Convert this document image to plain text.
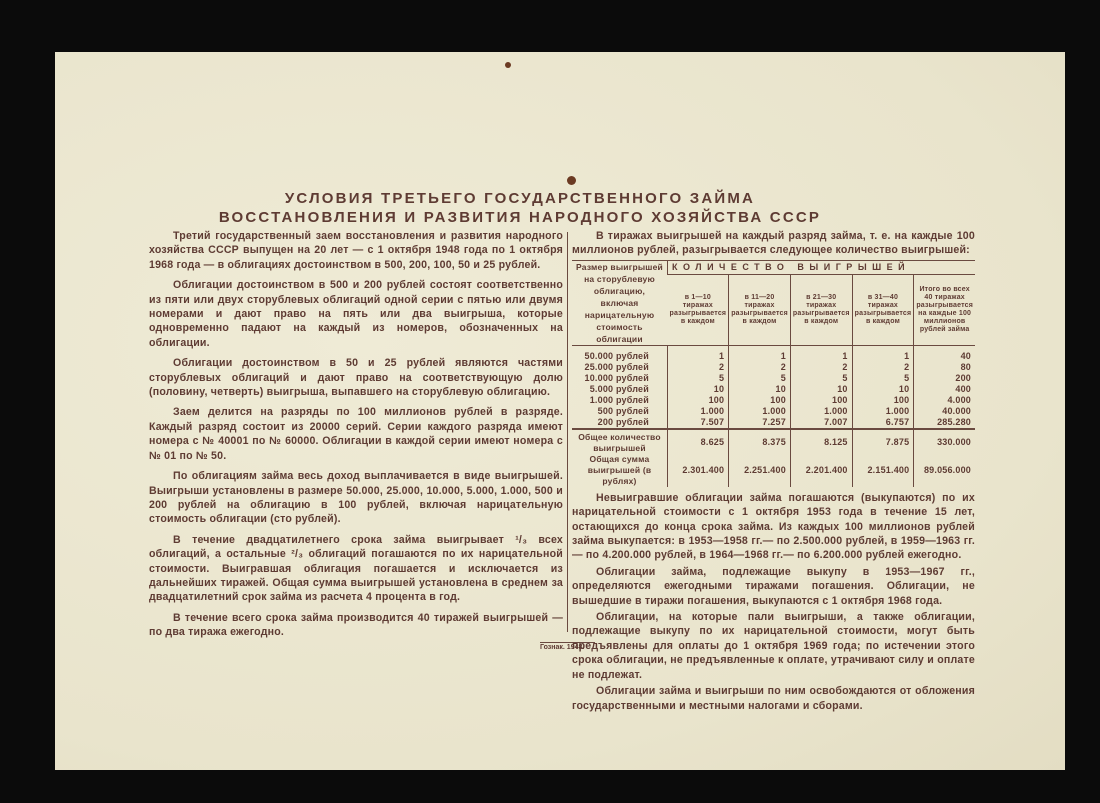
УСЛОВИЯ ТРЕТЬЕГО ГОСУДАРСТВЕННОГО ЗАЙМА
ВОССТАНОВЛЕНИЯ И РАЗВИТИЯ НАРОДНОГО ХОЗЯЙСТВА СССР

Третий государственный заем восстановления и развития народного хозяйства СССР выпущен на 20 лет — с 1 октября 1948 года по 1 октября 1968 года — в облигациях достоинством в 500, 200, 100, 50 и 25 рублей.

Облигации достоинством в 500 и 200 рублей состоят соответственно из пяти или двух сторублевых облигаций одной серии с пятью или двумя номерами и дают право на пять или два выигрыша, которые одновременно падают на каждый из номеров, обозначенных на облигации.

Облигации достоинством в 50 и 25 рублей являются частями сторублевых облигаций и дают право на соответствующую долю (половину, четверть) выигрыша, выпавшего на сторублевую облигацию.

Заем делится на разряды по 100 миллионов рублей в разряде. Каждый разряд состоит из 20000 серий. Серии каждого разряда имеют номера с № 40001 по № 60000. Облигации в каждой серии имеют номера с № 01 по № 50.

По облигациям займа весь доход выплачивается в виде выигрышей. Выигрыши установлены в размере 50.000, 25.000, 10.000, 5.000, 1.000, 500 и 200 рублей на облигацию в 100 рублей, включая нарицательную стоимость облигации (сто рублей).

В течение двадцатилетнего срока займа выигрывает ¹/₃ всех облигаций, а остальные ²/₃ облигаций погашаются по их нарицательной стоимости. Выигравшая облигация погашается и исключается из дальнейших тиражей. Общая сумма выигрышей установлена в среднем за двадцатилетний срок займа из расчета 4 процента в год.

В течение всего срока займа производится 40 тиражей выигрышей — по два тиража ежегодно.

В тиражах выигрышей на каждый разряд займа, т. е. на каждые 100 миллионов рублей, разыгрывается следующее количество выигрышей:

Размер выигрышей на сторублевую облигацию, включая нарицательную стоимость облигации	КОЛИЧЕСТВО ВЫИГРЫШЕЙ				
	в 1—10 тиражах разыгрывается в каждом	в 11—20 тиражах разыгрывается в каждом	в 21—30 тиражах разыгрывается в каждом	в 31—40 тиражах разыгрывается в каждом	Итого во всех 40 тиражах разыгрывается на каждые 100 миллионов рублей займа
50.000 рублей	1	1	1	1	40
25.000 рублей	2	2	2	2	80
10.000 рублей	5	5	5	5	200
5.000 рублей	10	10	10	10	400
1.000 рублей	100	100	100	100	4.000
500 рублей	1.000	1.000	1.000	1.000	40.000
200 рублей	7.507	7.257	7.007	6.757	285.280
Общее количество выигрышей	8.625	8.375	8.125	7.875	330.000
Общая сумма выигрышей (в рублях)	2.301.400	2.251.400	2.201.400	2.151.400	89.056.000

Невыигравшие облигации займа погашаются (выкупаются) по их нарицательной стоимости с 1 октября 1953 года в течение 15 лет, остающихся до конца срока займа. Из каждых 100 миллионов рублей займа выкупается: в 1953—1958 гг.— по 2.500.000 рублей, в 1959—1963 гг.— по 4.200.000 рублей, в 1964—1968 гг.— по 6.200.000 рублей ежегодно.

Облигации займа, подлежащие выкупу в 1953—1967 гг., определяются ежегодными тиражами погашения. Облигации, не вышедшие в тиражи погашения, выкупаются с 1 октября 1968 года.

Облигации, на которые пали выигрыши, а также облигации, подлежащие выкупу по их нарицательной стоимости, могут быть предъявлены для оплаты до 1 октября 1969 года; по истечении этого срока облигации, не предъявленные к оплате, утрачивают силу и оплате не подлежат.

Облигации займа и выигрыши по ним освобождаются от обложения государственными и местными налогами и сборами.

Гознак. 1948.
